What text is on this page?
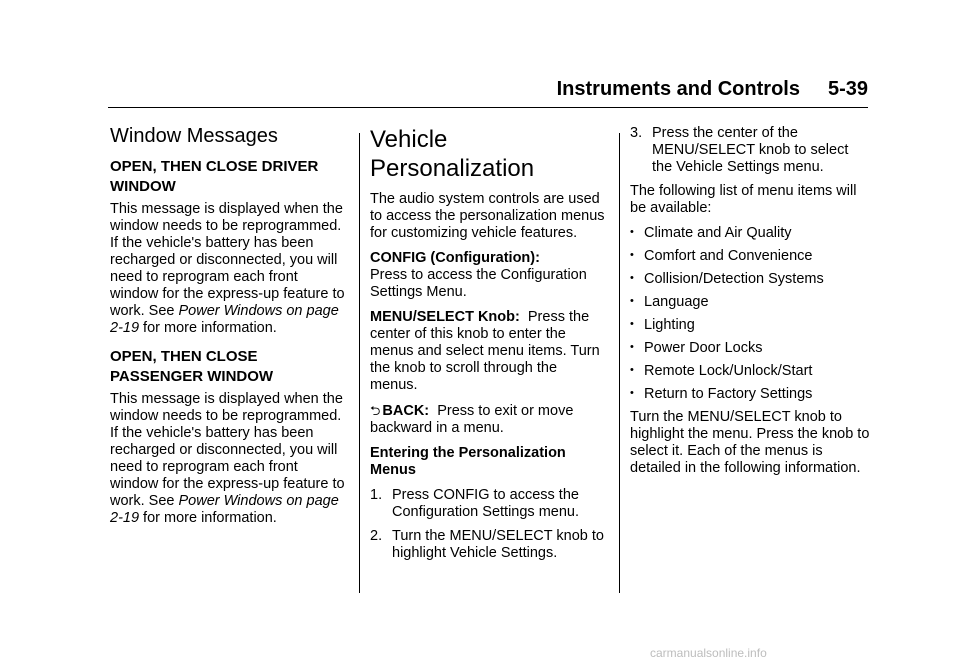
Instruments and Controls 5-39
Window Messages
OPEN, THEN CLOSE DRIVER WINDOW

This message is displayed when the window needs to be reprogrammed. If the vehicle's battery has been recharged or disconnected, you will need to reprogram each front window for the express-up feature to work. See Power Windows on page 2-19 for more information.

OPEN, THEN CLOSE PASSENGER WINDOW

This message is displayed when the window needs to be reprogrammed. If the vehicle's battery has been recharged or disconnected, you will need to reprogram each front window for the express-up feature to work. See Power Windows on page 2-19 for more information.

Vehicle Personalization

The audio system controls are used to access the personalization menus for customizing vehicle features.

CONFIG (Configuration):
Press to access the Configuration Settings Menu.

MENU/SELECT Knob: Press the center of this knob to enter the menus and select menu items. Turn the knob to scroll through the menus.

⮌ BACK: Press to exit or move backward in a menu.

Entering the Personalization Menus

1. Press CONFIG to access the Configuration Settings menu.
2. Turn the MENU/SELECT knob to highlight Vehicle Settings.
3. Press the center of the MENU/SELECT knob to select the Vehicle Settings menu.

The following list of menu items will be available:

• Climate and Air Quality
• Comfort and Convenience
• Collision/Detection Systems
• Language
• Lighting
• Power Door Locks
• Remote Lock/Unlock/Start
• Return to Factory Settings

Turn the MENU/SELECT knob to highlight the menu. Press the knob to select it. Each of the menus is detailed in the following information.

carmanualsonline.info
